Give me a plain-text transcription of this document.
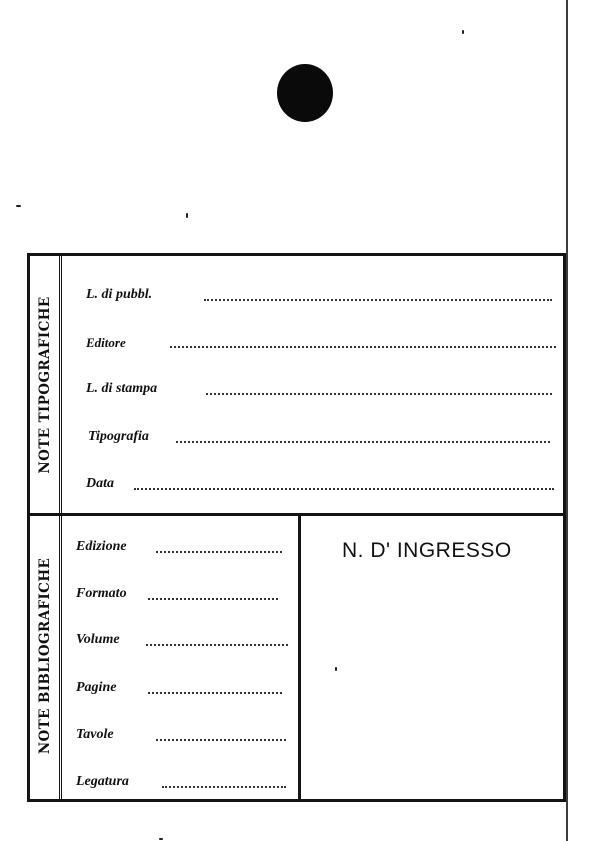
NOTE TIPOGRAFICHE
L. di pubbl.
Editore
L. di stampa
Tipografia
Data
NOTE BIBLIOGRAFICHE
Edizione
Formato
Volume
Pagine
Tavole
Legatura
N. D' INGRESSO
